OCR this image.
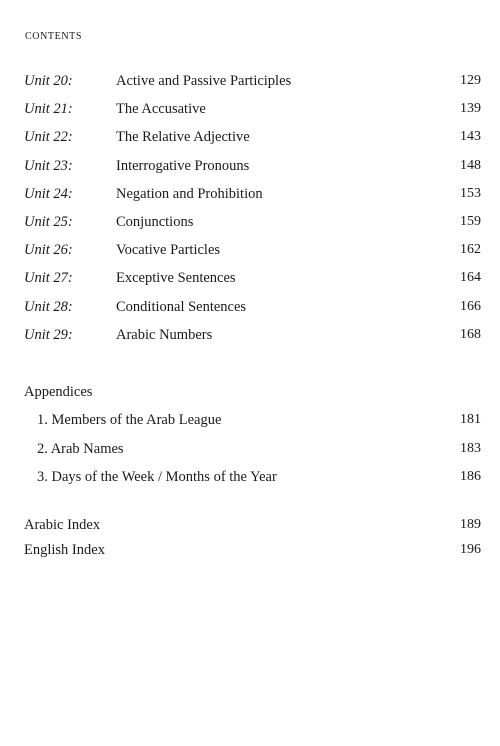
CONTENTS
Unit 20:	Active and Passive Participles	129
Unit 21:	The Accusative	139
Unit 22:	The Relative Adjective	143
Unit 23:	Interrogative Pronouns	148
Unit 24:	Negation and Prohibition	153
Unit 25:	Conjunctions	159
Unit 26:	Vocative Particles	162
Unit 27:	Exceptive Sentences	164
Unit 28:	Conditional Sentences	166
Unit 29:	Arabic Numbers	168
Appendices
1. Members of the Arab League	181
2. Arab Names	183
3. Days of the Week / Months of the Year	186
Arabic Index	189
English Index	196
